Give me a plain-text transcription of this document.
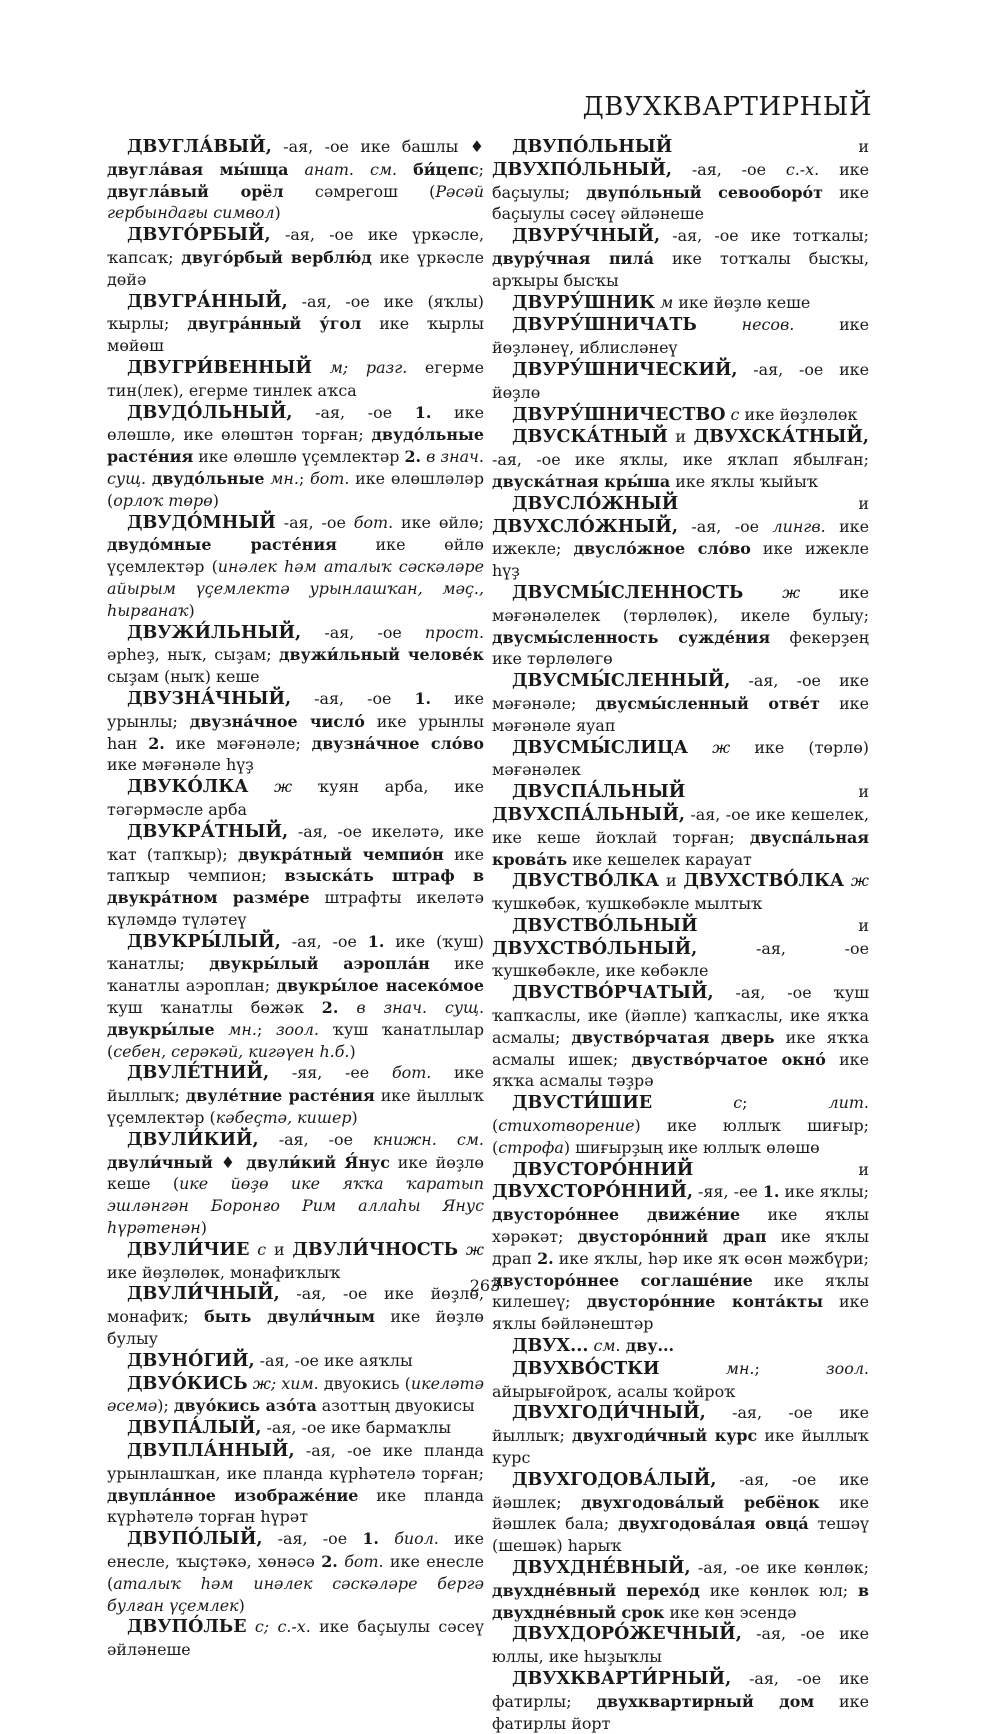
ДВУХКВАРТИРНЫЙ

ДВУГЛА́ВЫЙ, -ая, -ое ике башлы ♦ двугла́вая мы́шца анат. см. би́цепс; двугла́вый орёл сәмрегош (Рәсәй гербындағы символ)

ДВУГО́РБЫЙ, -ая, -ое ике үркәсле, ҡапсаҡ; двуго́рбый верблю́д ике үркәсле дөйә

ДВУГРА́ННЫЙ, -ая, -ое ике (яҡлы) ҡырлы; двугра́нный у́гол ике ҡырлы мөйөш

ДВУГРИ́ВЕННЫЙ м; разг. егерме тин(лек), егерме тинлек аҡса

ДВУДО́ЛЬНЫЙ, -ая, -ое 1. ике өлөшлө, ике өлөштән торған; двудо́льные расте́ния ике өлөшлө үҫемлектәр 2. в знач. сущ. двудо́льные мн.; бот. ике өлөшләләр (орлоҡ төрө)

ДВУДО́МНЫЙ -ая, -ое бот. ике өйлө; двудо́мные расте́ния ике өйлө үҫемлектәр (инәлек һәм аталыҡ сәскәләре айырым үҫемлектә урынлашҡан, мәҫ., һырғанаҡ)

ДВУЖИ́ЛЬНЫЙ, -ая, -ое прост. әрһеҙ, ныҡ, сыҙам; двужи́льный челове́к сыҙам (ныҡ) кеше

ДВУЗНА́ЧНЫЙ, -ая, -ое 1. ике урынлы; двузна́чное число́ ике урынлы һан 2. ике мәғәнәле; двузна́чное сло́во ике мәғәнәле һүҙ

ДВУКО́ЛКА ж ҡуян арба, ике тәгәрмәсле арба

ДВУКРА́ТНЫЙ, -ая, -ое икеләтә, ике ҡат (тапҡыр); двукра́тный чемпио́н ике тапҡыр чемпион; взыска́ть штраф в двукра́тном разме́ре штрафты икеләтә күләмдә түләтеү

ДВУКРЫ́ЛЫЙ, -ая, -ое 1. ике (ҡуш) ҡанатлы; двукры́лый аэропла́н ике ҡанатлы аэроплан; двукры́лое насеко́мое ҡуш ҡанатлы бөжәк 2. в знач. сущ. двукры́лые мн.; зоол. ҡуш ҡанатлылар (себен, серәкәй, кигәүен һ.б.)

ДВУЛЕ́ТНИЙ, -яя, -ее бот. ике йыллыҡ; двуле́тние расте́ния ике йыллыҡ үҫемлектәр (кәбеҫтә, кишер)

ДВУЛИ́КИЙ, -ая, -ое книжн. см. двули́чный ♦ двули́кий Я́нус ике йөҙлө кеше (ике йөҙө ике яҡҡа ҡаратып эшләнгән Боронғо Рим аллаһы Янус һүрәтенән)

ДВУЛИ́ЧИЕ с и ДВУЛИ́ЧНОСТЬ ж ике йөҙлөлөк, монафиҡлыҡ

ДВУЛИ́ЧНЫЙ, -ая, -ое ике йөҙлө, монафиҡ; быть двули́чным ике йөҙлө булыу

ДВУНО́ГИЙ, -ая, -ое ике аяҡлы

ДВУО́КИСЬ ж; хим. двуокись (икеләтә әсемә); двуо́кись азо́та азоттың двуокисы

ДВУПА́ЛЫЙ, -ая, -ое ике бармаҡлы

ДВУПЛА́ННЫЙ, -ая, -ое ике планда урынлашҡан, ике планда күрһәтелә торған; двупла́нное изображе́ние ике планда күрһәтелә торған һүрәт

ДВУПО́ЛЫЙ, -ая, -ое 1. биол. ике енесле, ҡыҫтәкә, хөнәсә 2. бот. ике енесле (аталыҡ һәм инәлек сәскәләре бергә булған үҫемлек)

ДВУПО́ЛЬЕ с; с.-х. ике баҫыулы сәсеү әйләнеше

ДВУПО́ЛЬНЫЙ и ДВУХПО́ЛЬНЫЙ, -ая, -ое с.-х. ике баҫыулы; двупо́льный севооборо́т ике баҫыулы сәсеү әйләнеше

ДВУРУ́ЧНЫЙ, -ая, -ое ике тотҡалы; двуру́чная пила́ ике тотҡалы бысҡы, арҡыры бысҡы

ДВУРУ́ШНИК м ике йөҙлө кеше

ДВУРУ́ШНИЧАТЬ	несов. ике йөҙләнеү, иблисләнеү

ДВУРУ́ШНИЧЕСКИЙ, -ая, -ое ике йөҙлө

ДВУРУ́ШНИЧЕСТВО с ике йөҙлөлөк

ДВУСКА́ТНЫЙ и ДВУХСКА́ТНЫЙ, -ая, -ое ике яҡлы, ике яҡлап ябылған; двуска́тная кры́ша ике яҡлы ҡыйыҡ

ДВУСЛО́ЖНЫЙ и ДВУХСЛО́ЖНЫЙ, -ая, -ое лингв. ике ижекле; двусло́жное сло́во ике ижекле һүҙ

ДВУСМЫ́СЛЕННОСТЬ ж ике мәғәнәлелек (төрлөлөк), икеле булыу; двусмы́сленность сужде́ния фекерҙең ике төрлөлөгө

ДВУСМЫ́СЛЕННЫЙ, -ая, -ое ике мәғәнәле; двусмы́сленный отве́т ике мәғәнәле яуап

ДВУСМЫ́СЛИЦА ж ике (төрлө) мәғәнәлек

ДВУСПА́ЛЬНЫЙ и ДВУХСПА́ЛЬНЫЙ, -ая, -ое ике кешелек, ике кеше йоҡлай торған; двуспа́льная крова́ть ике кешелек карауат

ДВУСТВО́ЛКА и ДВУХСТВО́ЛКА ж ҡушкөбәк, ҡушкөбәкле мылтыҡ

ДВУСТВО́ЛЬНЫЙ и ДВУХСТВО́ЛЬНЫЙ, -ая, -ое ҡушкөбәкле, ике көбәкле

ДВУСТВО́РЧАТЫЙ, -ая, -ое ҡуш ҡапҡаслы, ике (йәпле) ҡапҡаслы, ике яҡҡа асмалы; двуство́рчатая дверь ике яҡҡа асмалы ишек; двуство́рчатое окно́ ике яҡҡа асмалы тәҙрә

ДВУСТИ́ШИЕ	с; лит. (стихотворение) ике юллыҡ шиғыр; (строфа) шиғырҙың ике юллыҡ өлөшө

ДВУСТОРО́ННИЙ и ДВУХСТОРО́ННИЙ, -яя, -ее 1. ике яҡлы; двусторо́ннее движе́ние ике яҡлы хәрәкәт; двусторо́нний драп ике яҡлы драп 2. ике яҡлы, һәр ике яҡ өсөн мәжбүри; двусторо́ннее соглаше́ние ике яҡлы килешеү; двусторо́нние конта́кты ике яҡлы бәйләнештәр

ДВУХ... см. дву...

ДВУХВО́СТКИ	мн.; зоол. айырығойроҡ, асалы ҡойроҡ

ДВУХГОДИ́ЧНЫЙ, -ая, -ое ике йыллыҡ; двухгоди́чный курс ике йыллыҡ курс

ДВУХГОДОВА́ЛЫЙ, -ая, -ое ике йәшлек; двухгодова́лый ребёнок ике йәшлек бала; двухгодова́лая овца́ тешәү (шешәк) һарыҡ

ДВУХДНЕ́ВНЫЙ, -ая, -ое ике көнлөк; двухдне́вный перехо́д ике көнлөк юл; в двухдне́вный срок ике көн эсендә

ДВУХДОРО́ЖЕЧНЫЙ, -ая, -ое ике юллы, ике һыҙыҡлы

ДВУХКВАРТИ́РНЫЙ, -ая, -ое ике фатирлы; двухквартирный дом ике фатирлы йорт

263
